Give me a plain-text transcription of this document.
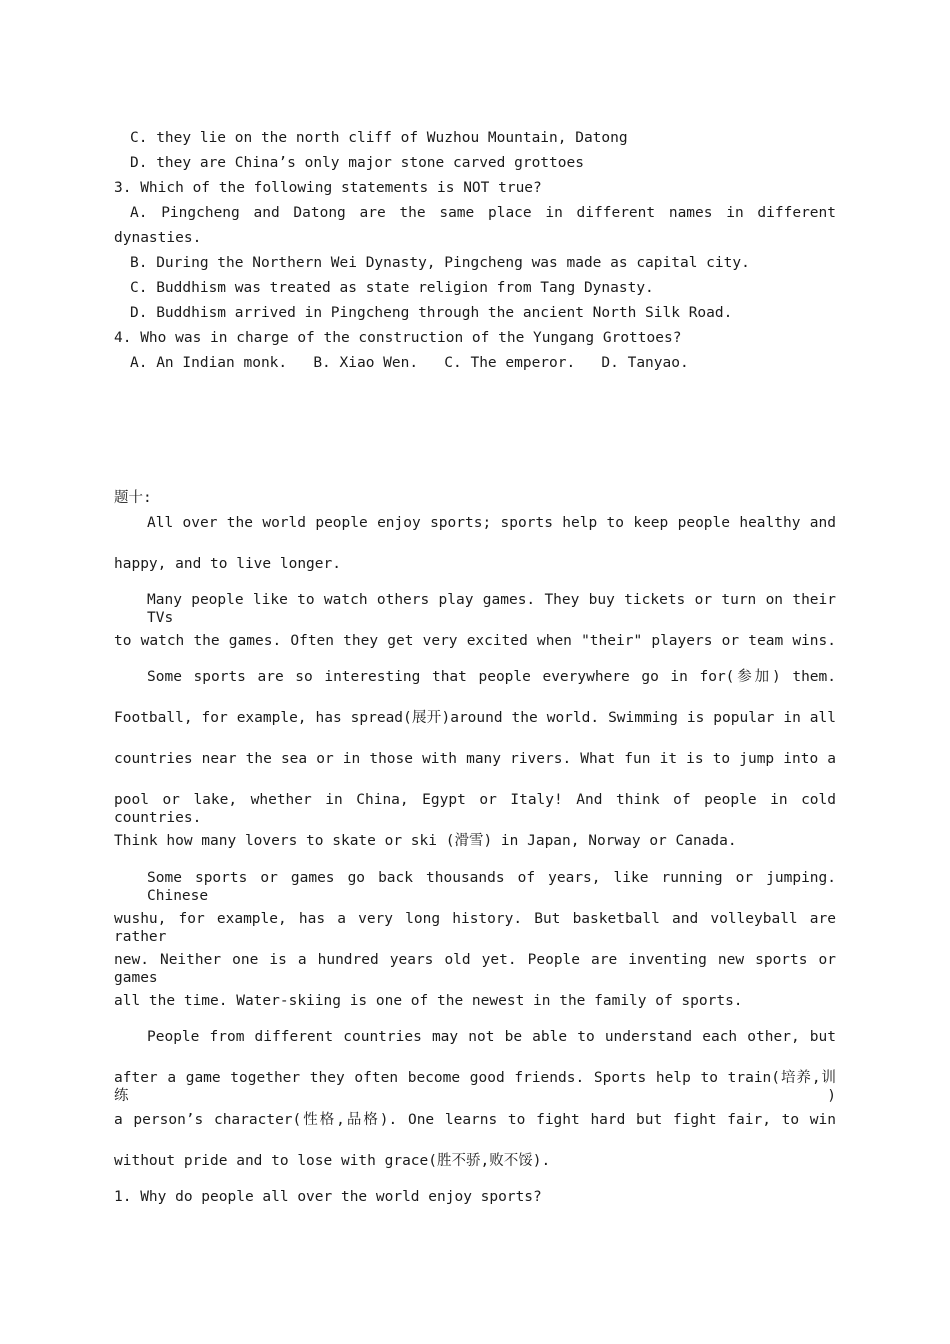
C. they lie on the north cliff of Wuzhou Mountain, Datong
D. they are China’s only major stone carved grottoes
3. Which of the following statements is NOT true?
A. Pingcheng and Datong are the same place in different names in different
dynasties.
B. During the Northern Wei Dynasty, Pingcheng was made as capital city.
C. Buddhism was treated as state religion from Tang Dynasty.
D. Buddhism arrived in Pingcheng through the ancient North Silk Road.
4. Who was in charge of the construction of the Yungang Grottoes?
A. An Indian monk.   B. Xiao Wen.   C. The emperor.   D. Tanyao.
题十:
All over the world people enjoy sports; sports help to keep people healthy and
happy, and to live longer.
Many people like to watch others play games. They buy tickets or turn on their TVs
to watch the games. Often they get very excited when "their" players or team wins.
Some sports are so interesting that people everywhere go in for(参加) them.
Football, for example, has spread(展开)around the world. Swimming is popular in all
countries near the sea or in those with many rivers. What fun it is to jump into a
pool or lake, whether in China, Egypt or Italy! And think of people in cold countries.
Think how many lovers to skate or ski (滑雪) in Japan, Norway or Canada.
Some sports or games go back thousands of years, like running or jumping. Chinese
wushu, for example, has a very long history. But basketball and volleyball are rather
new. Neither one is a hundred years old yet. People are inventing new sports or games
all the time. Water-skiing is one of the newest in the family of sports.
People from different countries may not be able to understand each other, but
after a game together they often become good friends. Sports help to train(培养,训练)
a person’s character(性格,品格). One learns to fight hard but fight fair, to win
without pride and to lose with grace(胜不骄,败不馁).
1. Why do people all over the world enjoy sports?
